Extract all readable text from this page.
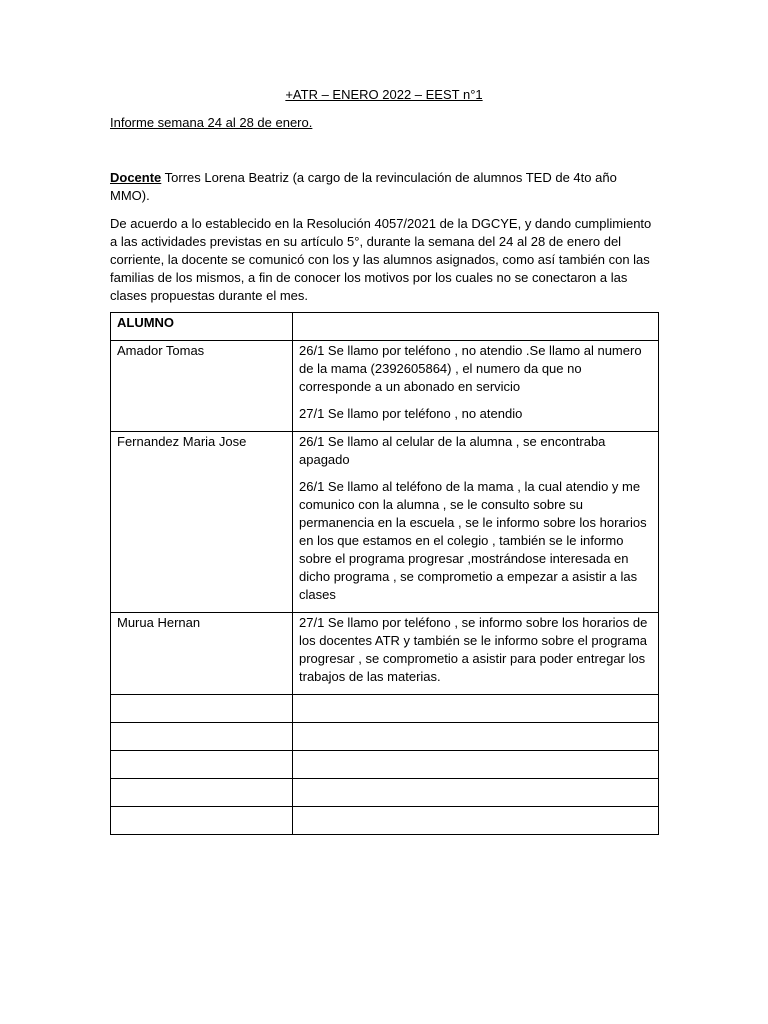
+ATR – ENERO 2022 – EEST n°1

Informe semana 24 al 28 de enero.

Docente Torres Lorena Beatriz (a cargo de la revinculación de alumnos TED de 4to año MMO).

De acuerdo a lo establecido en la Resolución 4057/2021 de la DGCYE, y dando cumplimiento a las actividades previstas en su artículo 5°, durante la semana del 24 al 28 de enero del corriente, la docente se comunicó con los y las alumnos asignados, como así también con las familias de los mismos, a fin de conocer los motivos por los cuales no se conectaron a las clases propuestas durante el mes.

ALUMNO	
Amador Tomas	26/1 Se llamo por teléfono , no atendio .Se llamo al numero de la mama (2392605864) , el numero da que no corresponde a un abonado en servicio

27/1 Se llamo por teléfono , no atendio

Fernandez Maria Jose	26/1 Se llamo al celular de la alumna , se encontraba apagado

26/1 Se llamo al teléfono de la mama , la cual atendio y me comunico con la alumna , se le consulto sobre su permanencia en la escuela , se le informo sobre los horarios en los que estamos en el colegio , también se le informo sobre el programa progresar ,mostrándose interesada en dicho programa , se comprometio a empezar a asistir a las clases

Murua Hernan	27/1 Se llamo por teléfono , se informo sobre los horarios de los docentes ATR y también se le informo sobre el programa progresar , se comprometio a asistir para poder entregar los trabajos de las materias.
